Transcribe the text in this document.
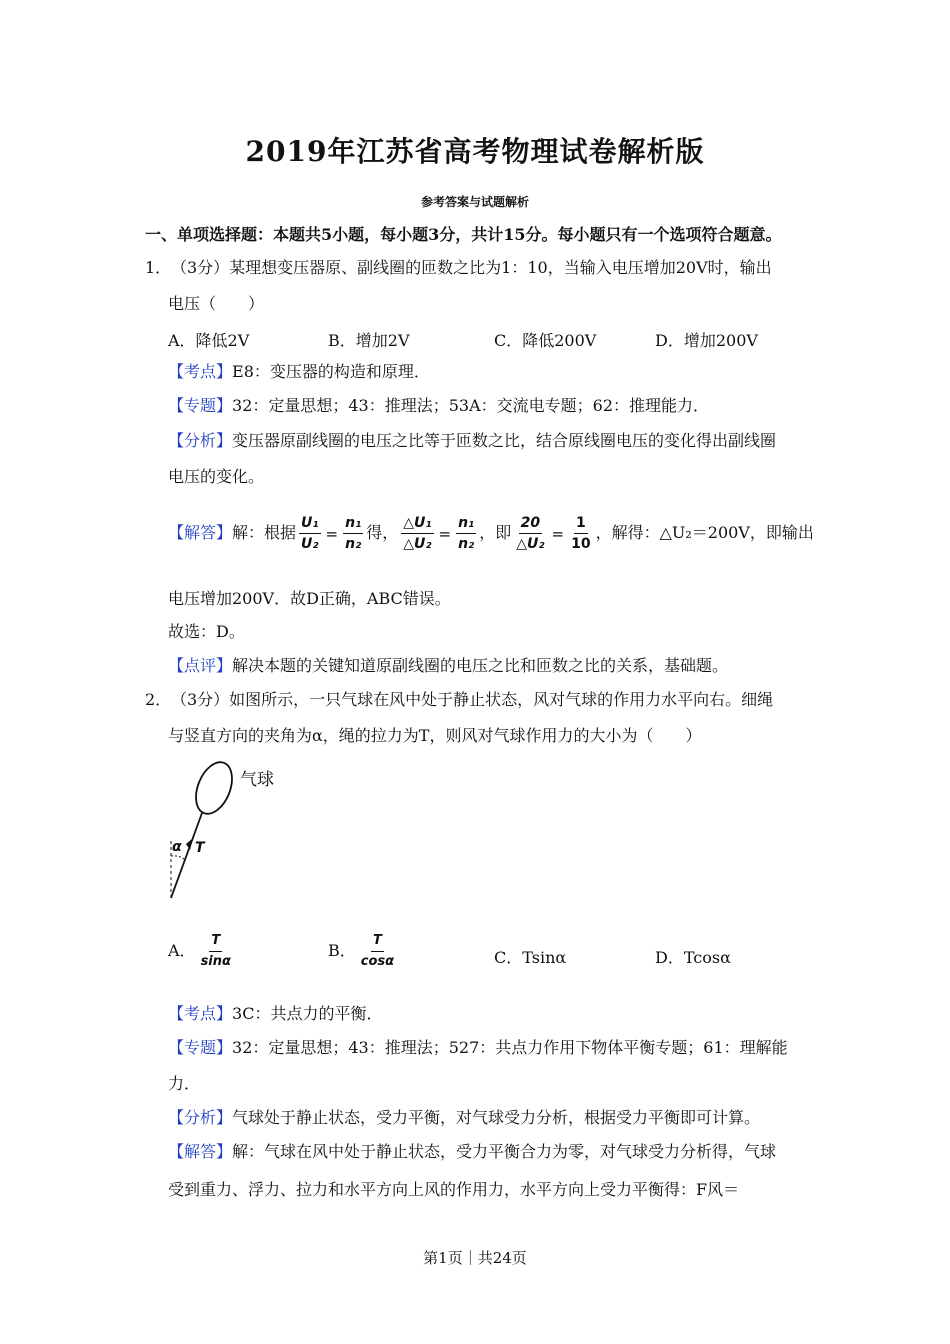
2019年江苏省高考物理试卷解析版
参考答案与试题解析
一、单项选择题：本题共5小题，每小题3分，共计15分。每小题只有一个选项符合题意。
1．（3分）某理想变压器原、副线圈的匝数之比为1：10，当输入电压增加20V时，输出
电压（　　）
A．降低2V	B．增加2V	C．降低200V	D．增加200V
【考点】E8：变压器的构造和原理．
【专题】32：定量思想；43：推理法；53A：交流电专题；62：推理能力．
【分析】变压器原副线圈的电压之比等于匝数之比，结合原线圈电压的变化得出副线圈
电压的变化。
【解答】解：根据 $\frac{\text{U₁}}{\text{U₂}} = \frac{\text{n₁}}{\text{n₂}}$ 得， $\frac{\text{△U₁}}{\text{△U₂}} = \frac{\text{n₁}}{\text{n₂}}$ ，即 $\frac{20}{\text{△U₂}} = \frac{1}{10}$ ，解得：△U₂＝200V，即输出
电压增加200V．故D正确，ABC错误。
故选：D。
【点评】解决本题的关键知道原副线圈的电压之比和匝数之比的关系，基础题。
2．（3分）如图所示，一只气球在风中处于静止状态，风对气球的作用力水平向右。细绳
与竖直方向的夹角为α，绳的拉力为T，则风对气球作用力的大小为（　　）
气球
α T
A． $\frac{T}{\sin\alpha}$	B． $\frac{T}{\cos\alpha}$	C．Tsinα	D．Tcosα
【考点】3C：共点力的平衡．
【专题】32：定量思想；43：推理法；527：共点力作用下物体平衡专题；61：理解能
力．
【分析】气球处于静止状态，受力平衡，对气球受力分析，根据受力平衡即可计算。
【解答】解：气球在风中处于静止状态，受力平衡合力为零，对气球受力分析得，气球
受到重力、浮力、拉力和水平方向上风的作用力，水平方向上受力平衡得：F风＝
第1页｜共24页
